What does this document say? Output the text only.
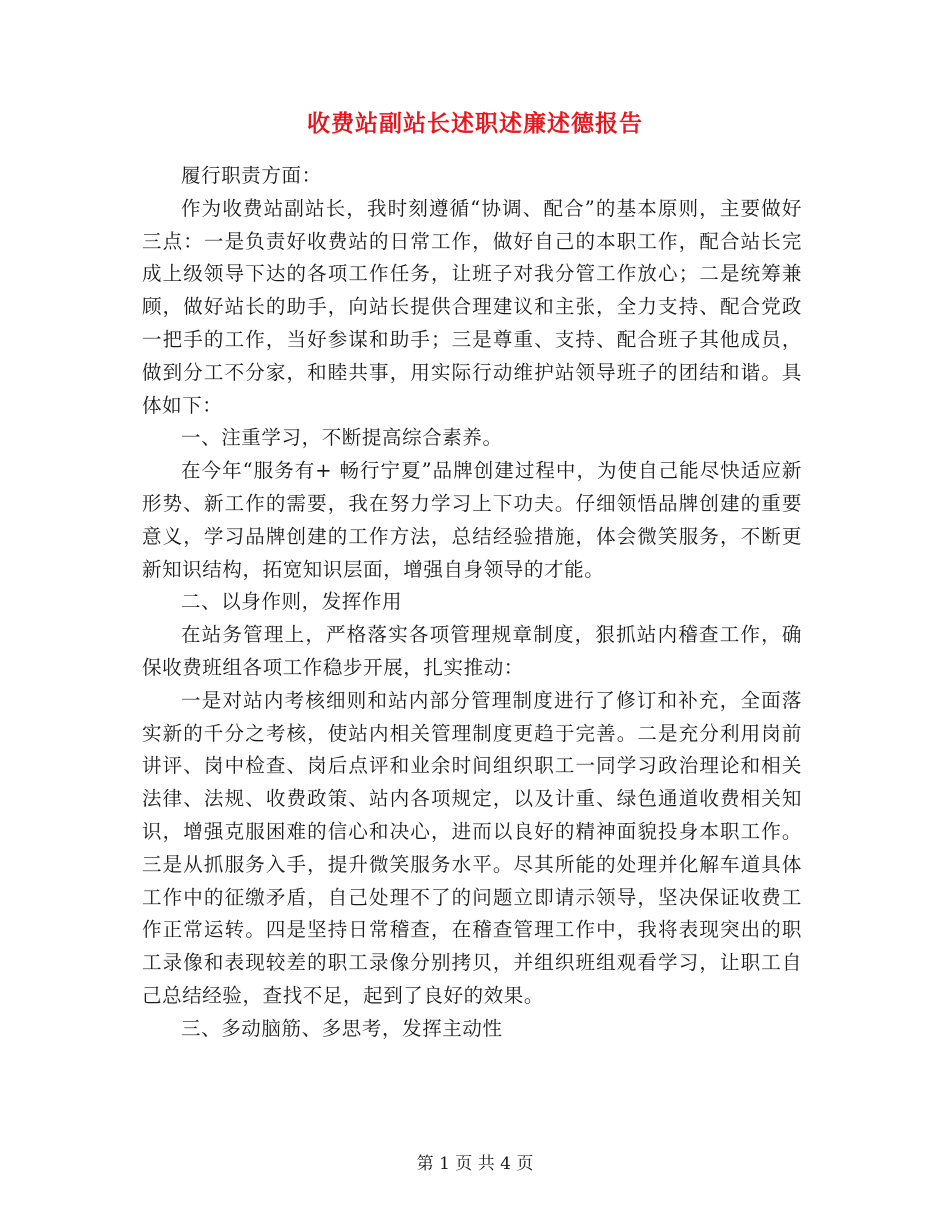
收费站副站长述职述廉述德报告

履行职责方面：

作为收费站副站长，我时刻遵循“协调、配合”的基本原则，主要做好三点：一是负责好收费站的日常工作，做好自己的本职工作，配合站长完成上级领导下达的各项工作任务，让班子对我分管工作放心；二是统筹兼顾，做好站长的助手，向站长提供合理建议和主张，全力支持、配合党政一把手的工作，当好参谋和助手；三是尊重、支持、配合班子其他成员，做到分工不分家，和睦共事，用实际行动维护站领导班子的团结和谐。具体如下：

一、注重学习，不断提高综合素养。

在今年“服务有+ 畅行宁夏”品牌创建过程中，为使自己能尽快适应新形势、新工作的需要，我在努力学习上下功夫。仔细领悟品牌创建的重要意义，学习品牌创建的工作方法，总结经验措施，体会微笑服务，不断更新知识结构，拓宽知识层面，增强自身领导的才能。

二、以身作则，发挥作用

在站务管理上，严格落实各项管理规章制度，狠抓站内稽查工作，确保收费班组各项工作稳步开展，扎实推动：

一是对站内考核细则和站内部分管理制度进行了修订和补充，全面落实新的千分之考核，使站内相关管理制度更趋于完善。二是充分利用岗前讲评、岗中检查、岗后点评和业余时间组织职工一同学习政治理论和相关法律、法规、收费政策、站内各项规定，以及计重、绿色通道收费相关知识，增强克服困难的信心和决心，进而以良好的精神面貌投身本职工作。三是从抓服务入手，提升微笑服务水平。尽其所能的处理并化解车道具体工作中的征缴矛盾，自己处理不了的问题立即请示领导，坚决保证收费工作正常运转。四是坚持日常稽查，在稽查管理工作中，我将表现突出的职工录像和表现较差的职工录像分别拷贝，并组织班组观看学习，让职工自己总结经验，查找不足，起到了良好的效果。

三、多动脑筋、多思考，发挥主动性

第 1 页 共 4 页
